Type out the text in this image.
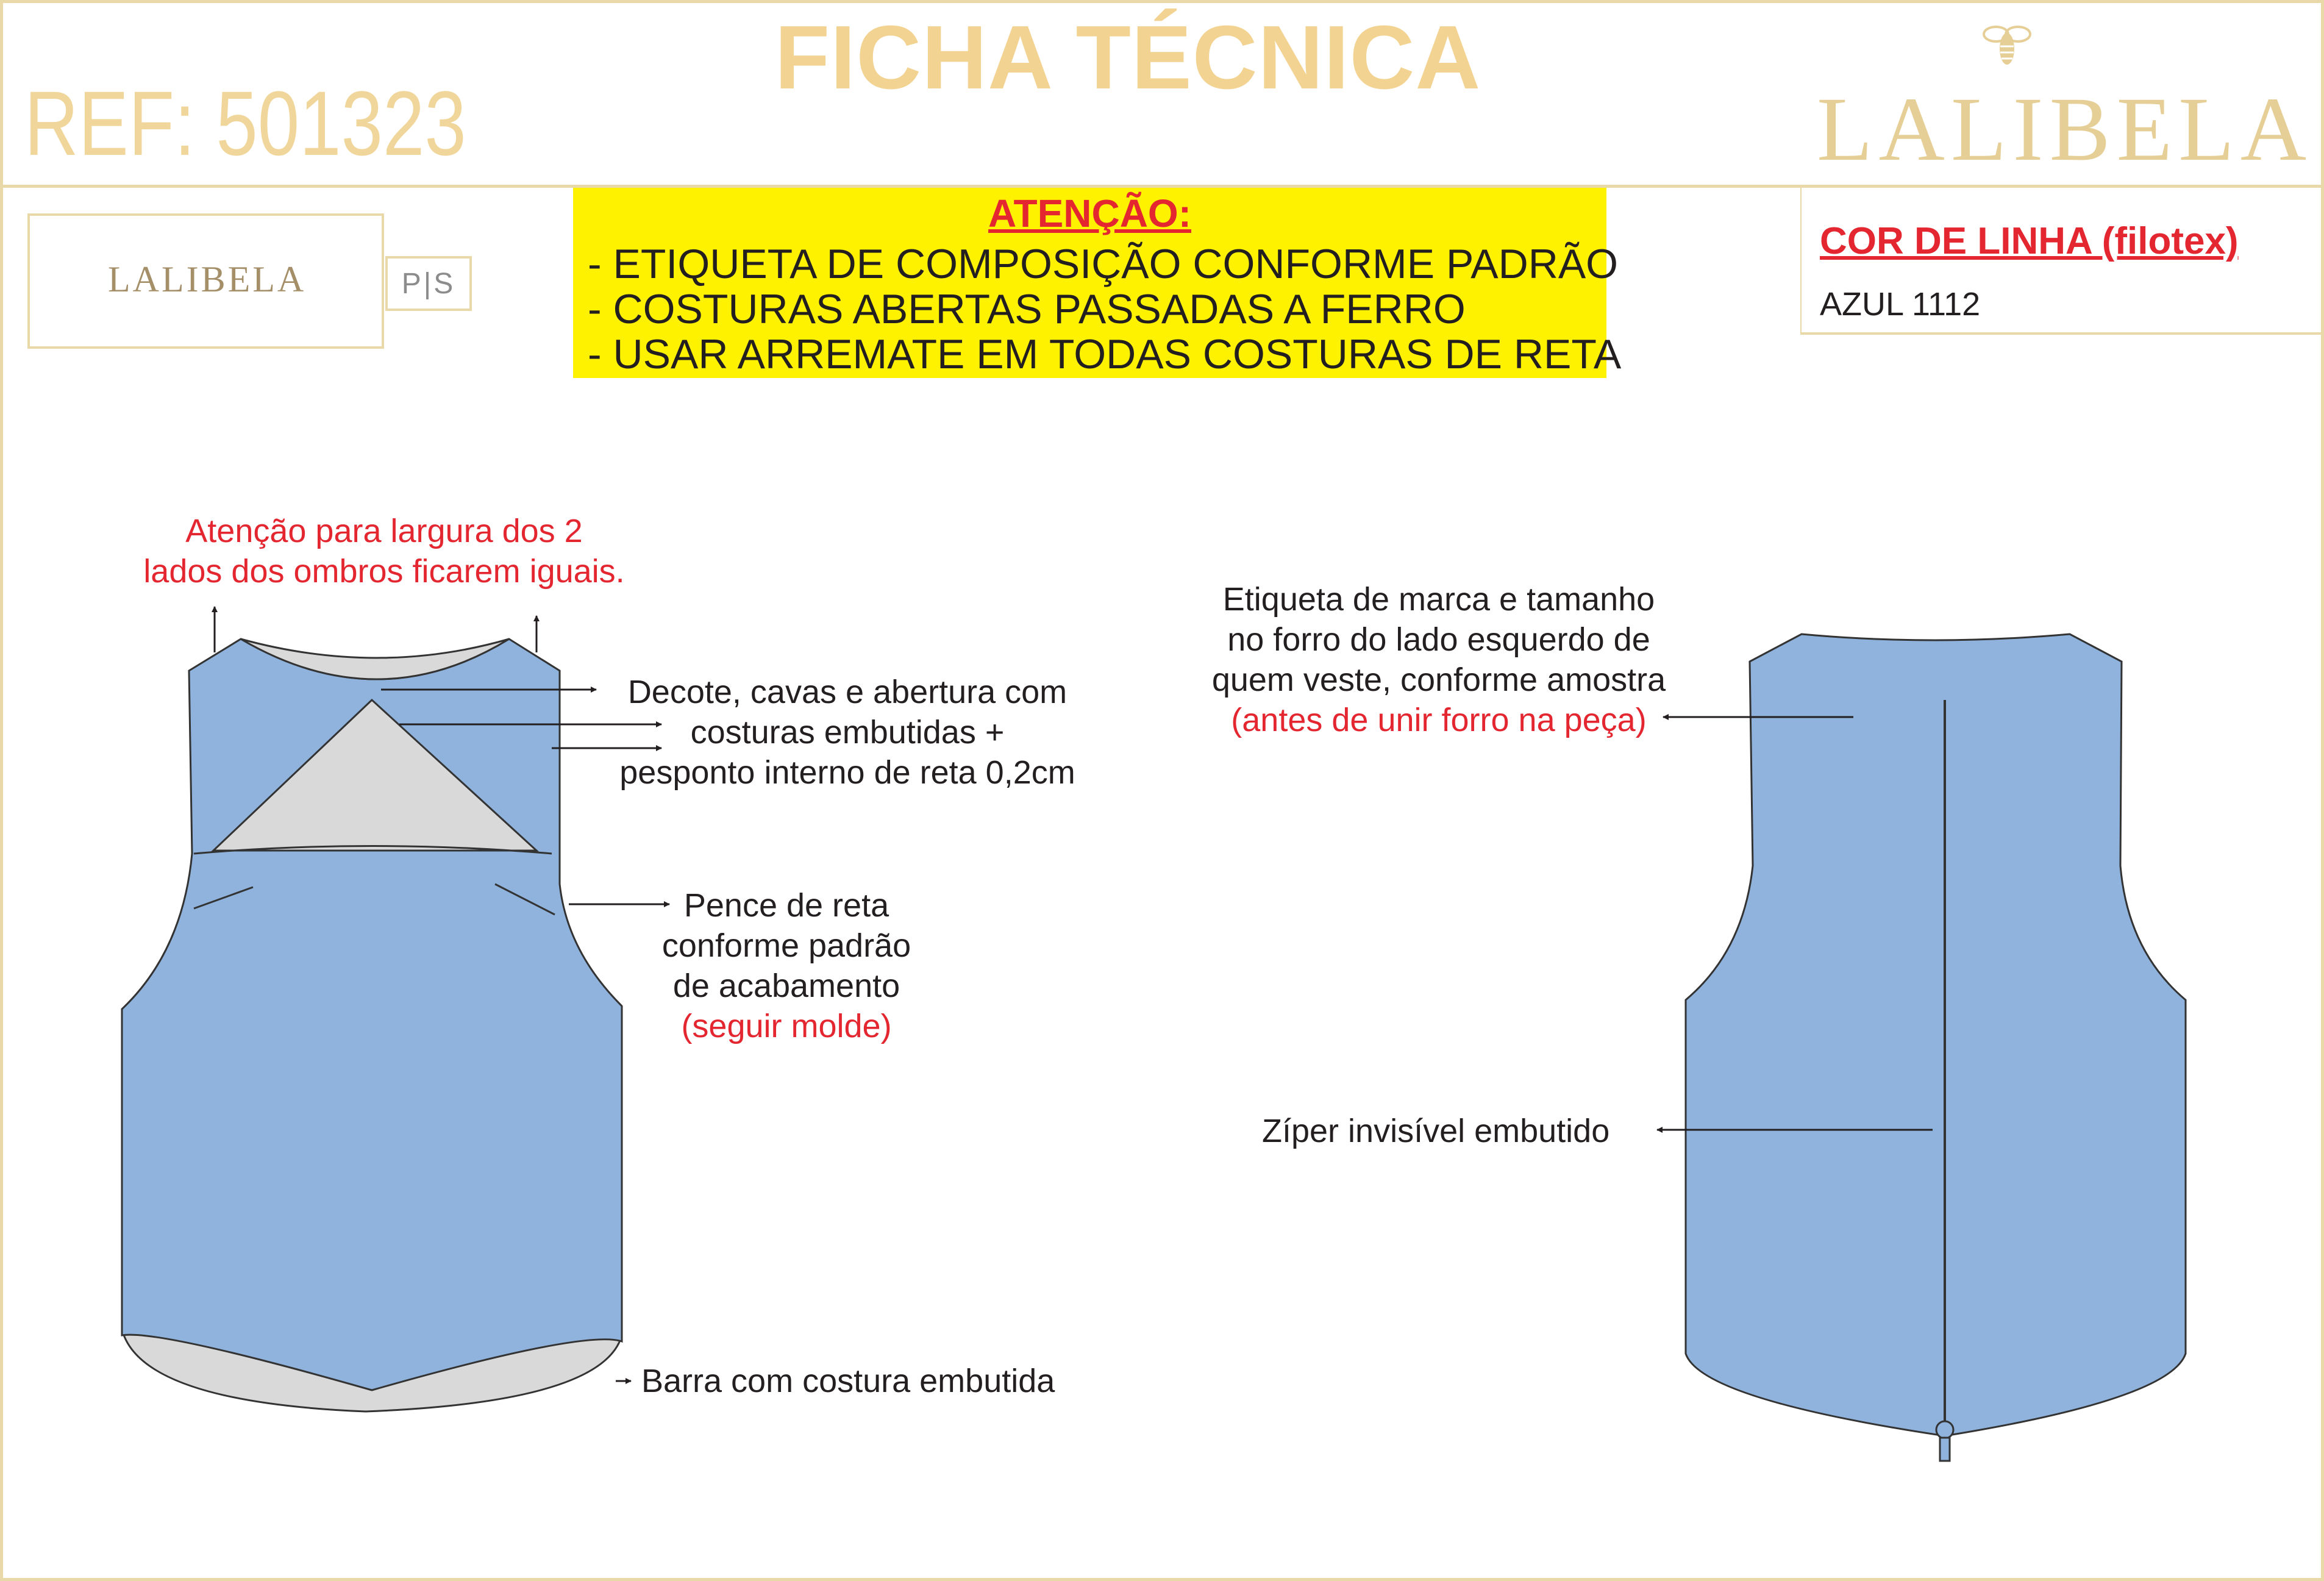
REF: 501323
FICHA TÉCNICA
LALIBELA
LALIBELA	P|S
ATENÇÃO:
- ETIQUETA DE COMPOSIÇÃO CONFORME PADRÃO
- COSTURAS ABERTAS PASSADAS A FERRO
- USAR ARREMATE EM TODAS COSTURAS DE RETA
COR DE LINHA (filotex)
AZUL 1112
Atenção para largura dos 2
lados dos ombros ficarem iguais.
Decote, cavas e abertura com
costuras embutidas +
pesponto interno de reta 0,2cm
Pence de reta
conforme padrão
de acabamento
(seguir molde)
Barra com costura embutida
Etiqueta de marca e tamanho
no forro do lado esquerdo de
quem veste, conforme amostra
(antes de unir forro na peça)
Zíper invisível embutido
